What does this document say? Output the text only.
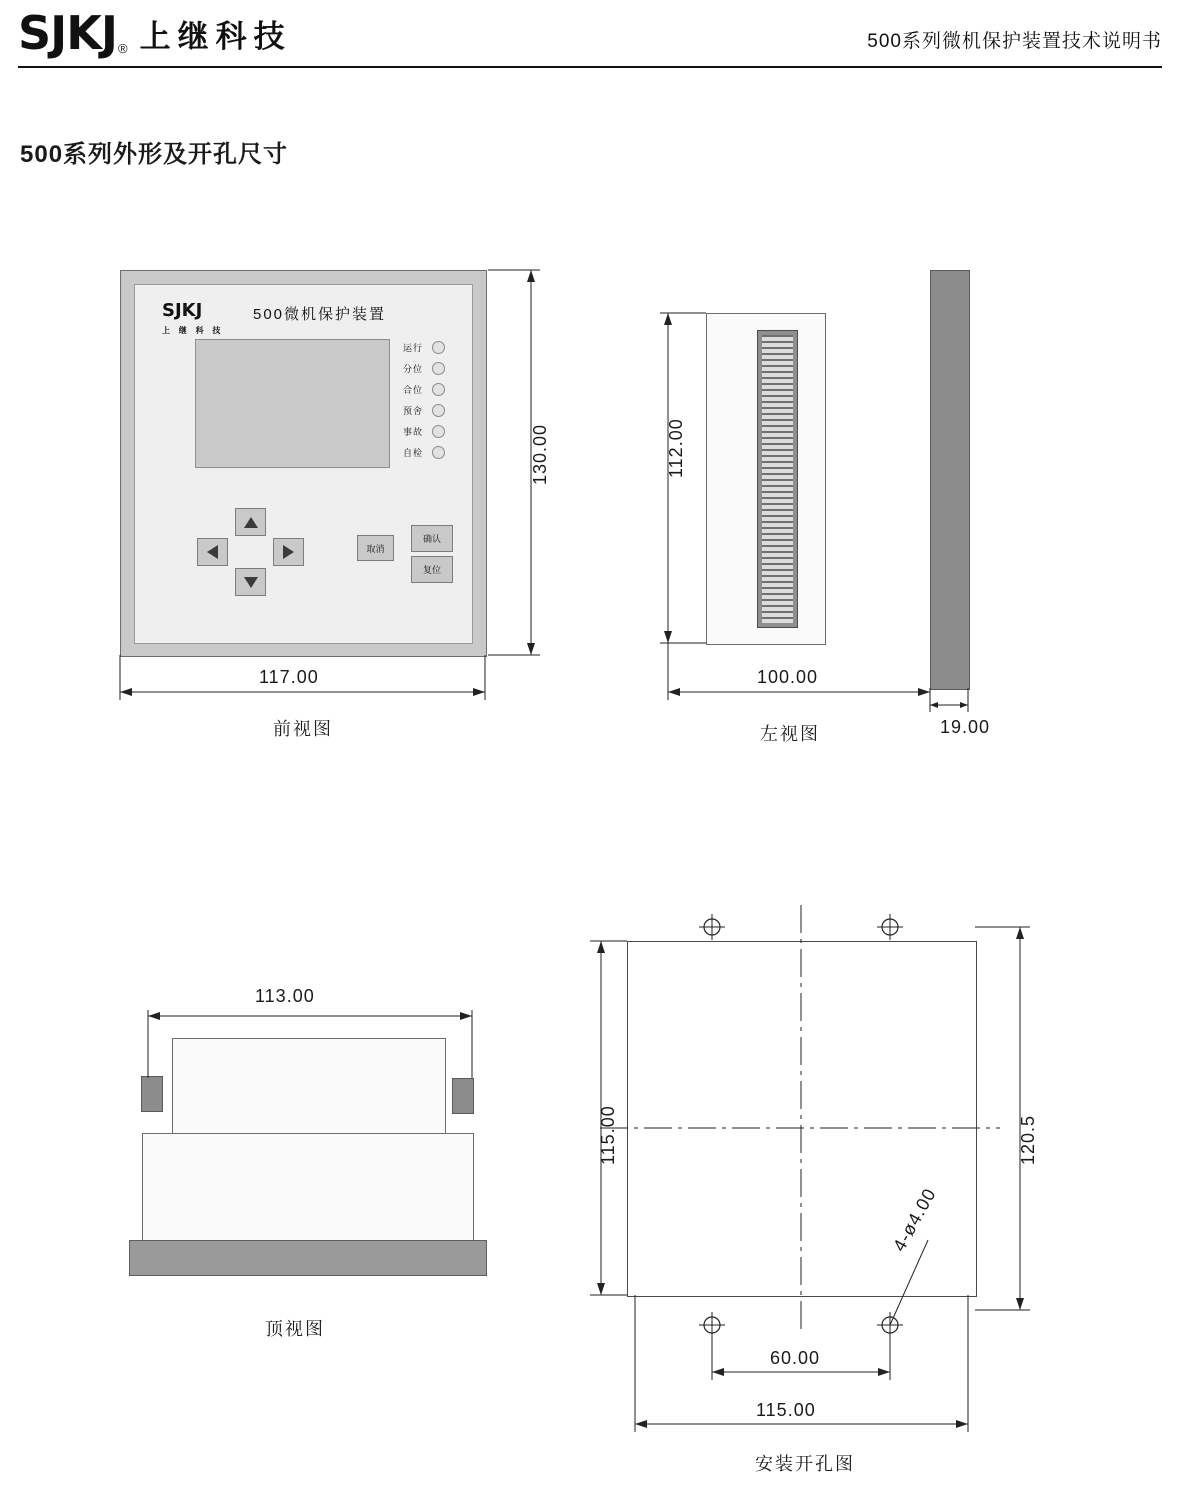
SJKJ ® 上继科技	500系列微机保护装置技术说明书
500系列外形及开孔尺寸
SJKJ
上 继 科 技
500微机保护装置
运行
分位
合位
预舍
事故
自检
取消
确认
复位
130.00
117.00
前视图
112.00
100.00
19.00
左视图
113.00
顶视图
115.00	120.5
60.00
115.00
4-ø4.00
安装开孔图
